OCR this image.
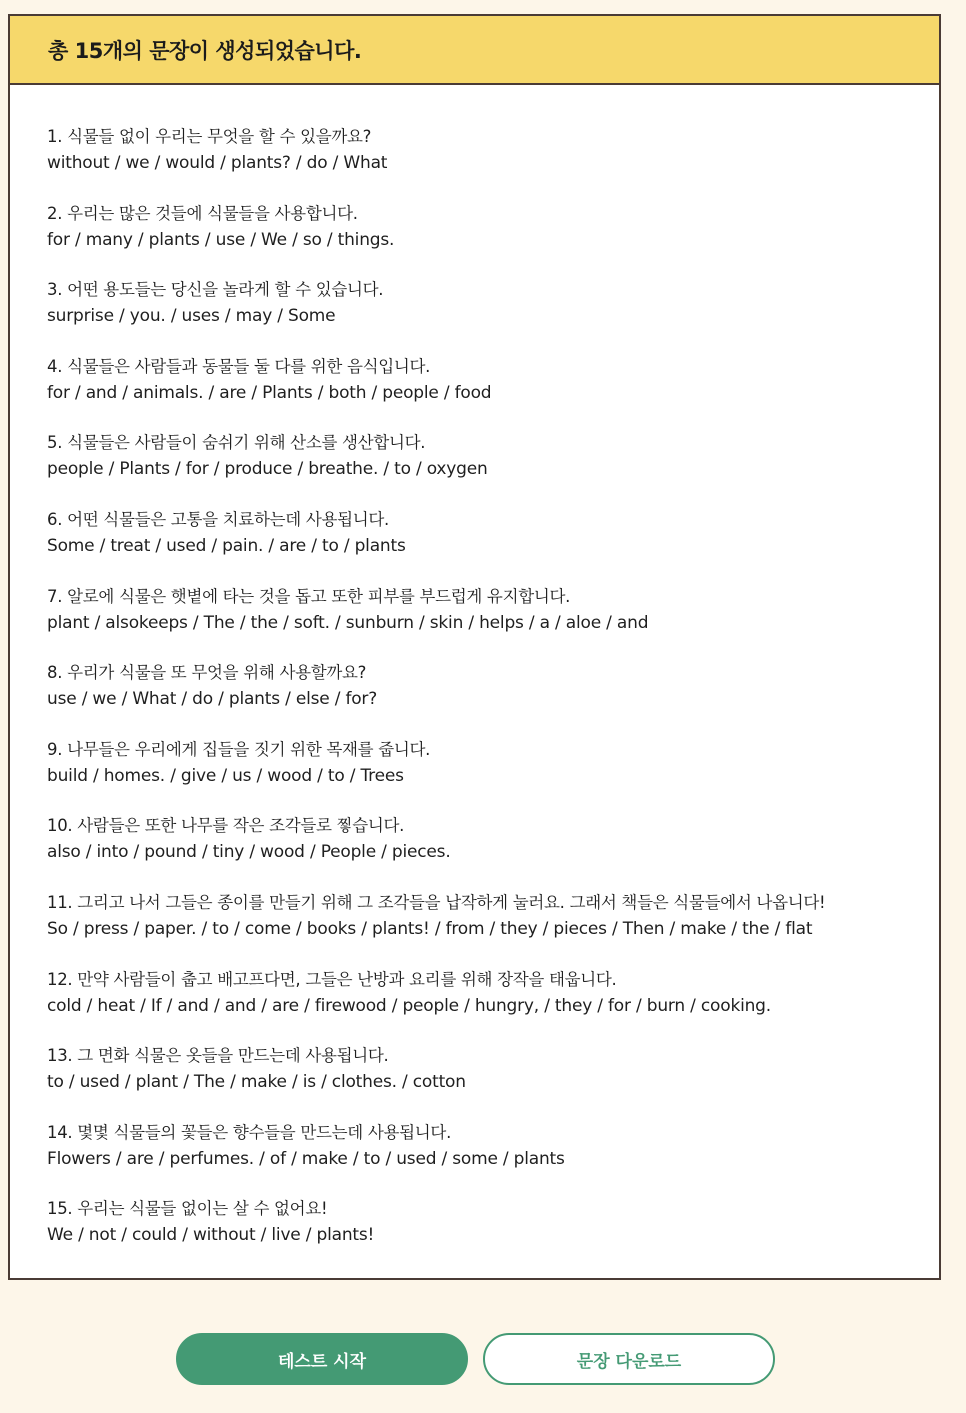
총 15개의 문장이 생성되었습니다.
1. 식물들 없이 우리는 무엇을 할 수 있을까요?
without / we / would / plants? / do / What
2. 우리는 많은 것들에 식물들을 사용합니다.
for / many / plants / use / We / so / things.
3. 어떤 용도들는 당신을 놀라게 할 수 있습니다.
surprise / you. / uses / may / Some
4. 식물들은 사람들과 동물들 둘 다를 위한 음식입니다.
for / and / animals. / are / Plants / both / people / food
5. 식물들은 사람들이 숨쉬기 위해 산소를 생산합니다.
people / Plants / for / produce / breathe. / to / oxygen
6. 어떤 식물들은 고통을 치료하는데 사용됩니다.
Some / treat / used / pain. / are / to / plants
7. 알로에 식물은 햇볕에 타는 것을 돕고 또한 피부를 부드럽게 유지합니다.
plant / alsokeeps / The / the / soft. / sunburn / skin / helps / a / aloe / and
8. 우리가 식물을 또 무엇을 위해 사용할까요?
use / we / What / do / plants / else / for?
9. 나무들은 우리에게 집들을 짓기 위한 목재를 줍니다.
build / homes. / give / us / wood / to / Trees
10. 사람들은 또한 나무를 작은 조각들로 찧습니다.
also / into / pound / tiny / wood / People / pieces.
11. 그리고 나서 그들은 종이를 만들기 위해 그 조각들을 납작하게 눌러요. 그래서 책들은 식물들에서 나옵니다!
So / press / paper. / to / come / books / plants! / from / they / pieces / Then / make / the / flat
12. 만약 사람들이 춥고 배고프다면, 그들은 난방과 요리를 위해 장작을 태웁니다.
cold / heat / If / and / and / are / firewood / people / hungry, / they / for / burn / cooking.
13. 그 면화 식물은 옷들을 만드는데 사용됩니다.
to / used / plant / The / make / is / clothes. / cotton
14. 몇몇 식물들의 꽃들은 향수들을 만드는데 사용됩니다.
Flowers / are / perfumes. / of / make / to / used / some / plants
15. 우리는 식물들 없이는 살 수 없어요!
We / not / could / without / live / plants!
테스트 시작	문장 다운로드
